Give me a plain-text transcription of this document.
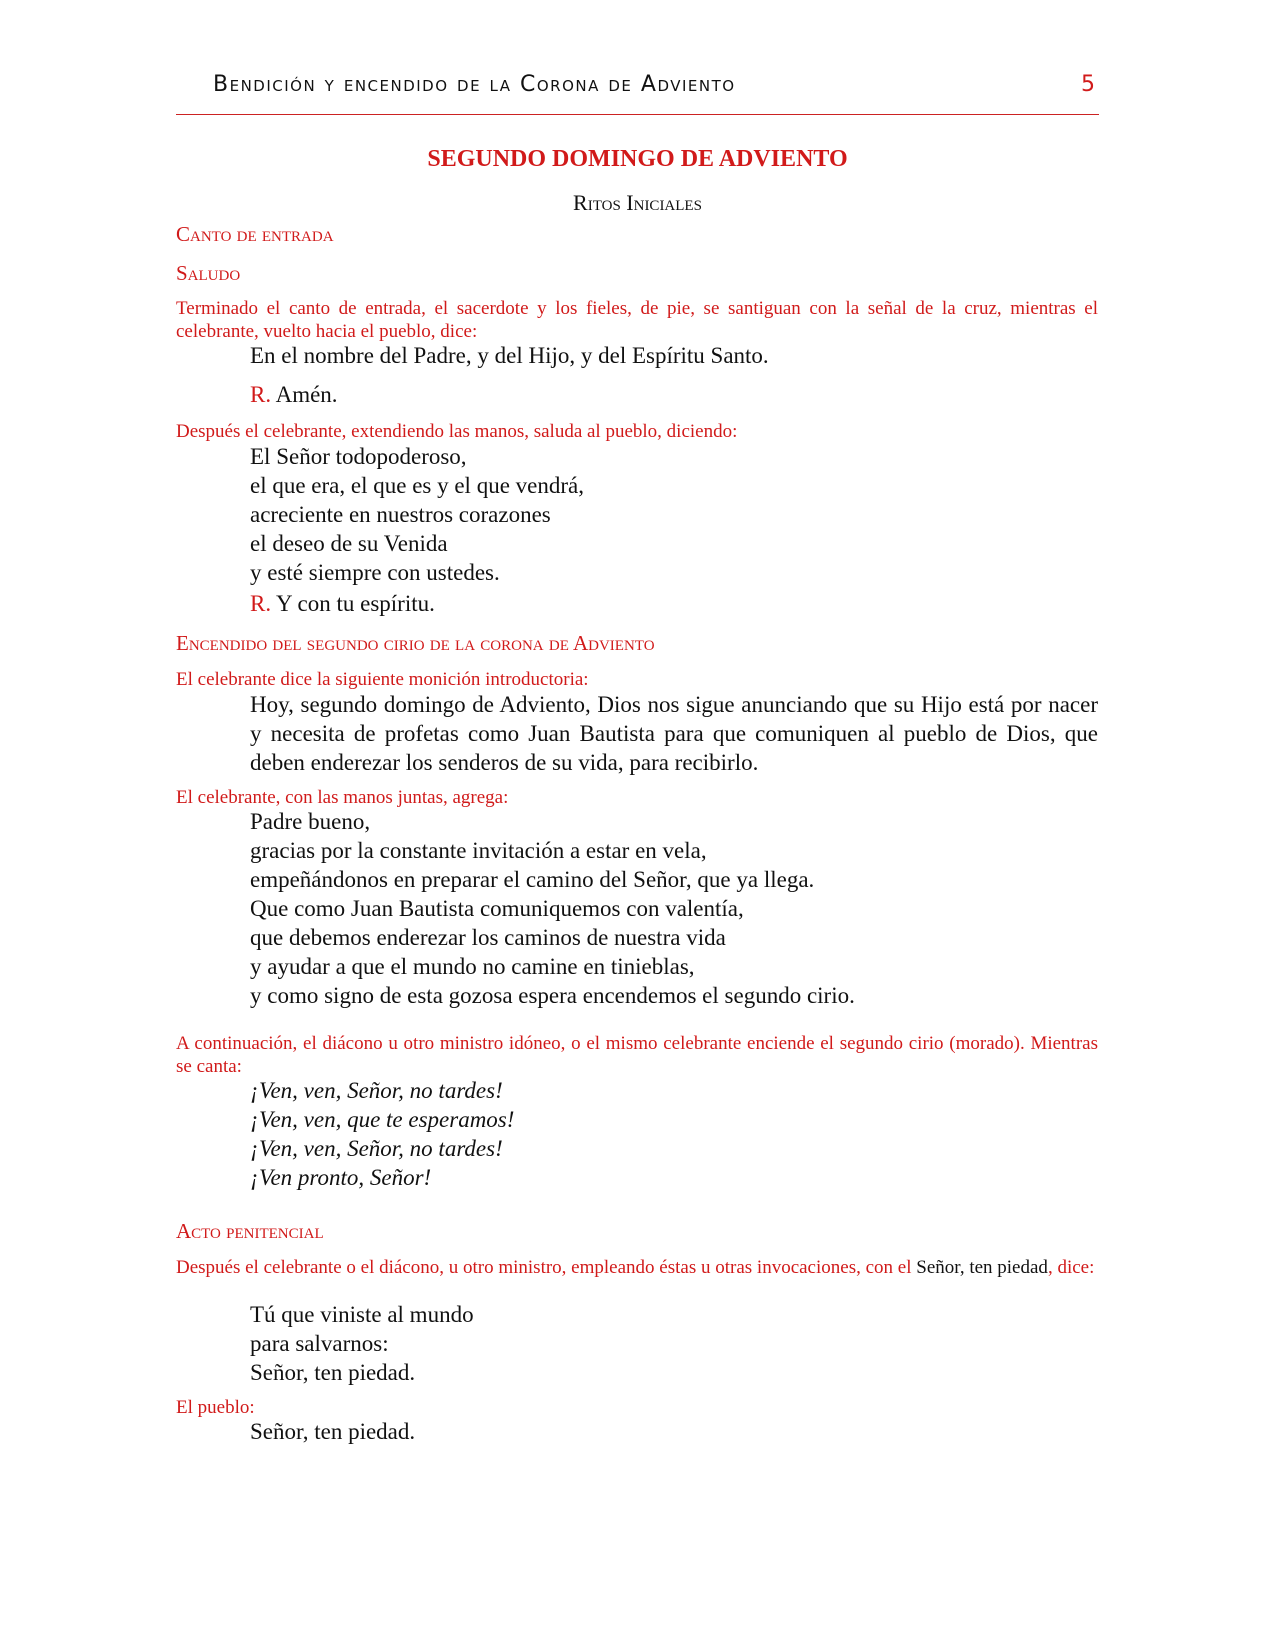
Bendición y encendido de la Corona de Adviento	5
SEGUNDO DOMINGO DE ADVIENTO
Ritos Iniciales
Canto de entrada
Saludo
Terminado el canto de entrada, el sacerdote y los fieles, de pie, se santiguan con la señal de la cruz, mientras el celebrante, vuelto hacia el pueblo, dice:
En el nombre del Padre, y del Hijo, y del Espíritu Santo.
R. Amén.
Después el celebrante, extendiendo las manos, saluda al pueblo, diciendo:
El Señor todopoderoso,
el que era, el que es y el que vendrá,
acreciente en nuestros corazones
el deseo de su Venida
y esté siempre con ustedes.
R. Y con tu espíritu.
Encendido del segundo cirio de la corona de Adviento
El celebrante dice la siguiente monición introductoria:
Hoy, segundo domingo de Adviento, Dios nos sigue anunciando que su Hijo está por nacer y necesita de profetas como Juan Bautista para que comuniquen al pueblo de Dios, que deben enderezar los senderos de su vida, para recibirlo.
El celebrante, con las manos juntas, agrega:
Padre bueno,
gracias por la constante invitación a estar en vela,
empeñándonos en preparar el camino del Señor, que ya llega.
Que como Juan Bautista comuniquemos con valentía,
que debemos enderezar los caminos de nuestra vida
y ayudar a que el mundo no camine en tinieblas,
y como signo de esta gozosa espera encendemos el segundo cirio.
A continuación, el diácono u otro ministro idóneo, o el mismo celebrante enciende el segundo cirio (morado). Mientras se canta:
¡Ven, ven, Señor, no tardes!
¡Ven, ven, que te esperamos!
¡Ven, ven, Señor, no tardes!
¡Ven pronto, Señor!
Acto penitencial
Después el celebrante o el diácono, u otro ministro, empleando éstas u otras invocaciones, con el Señor, ten piedad, dice:
Tú que viniste al mundo
para salvarnos:
Señor, ten piedad.
El pueblo:
Señor, ten piedad.
